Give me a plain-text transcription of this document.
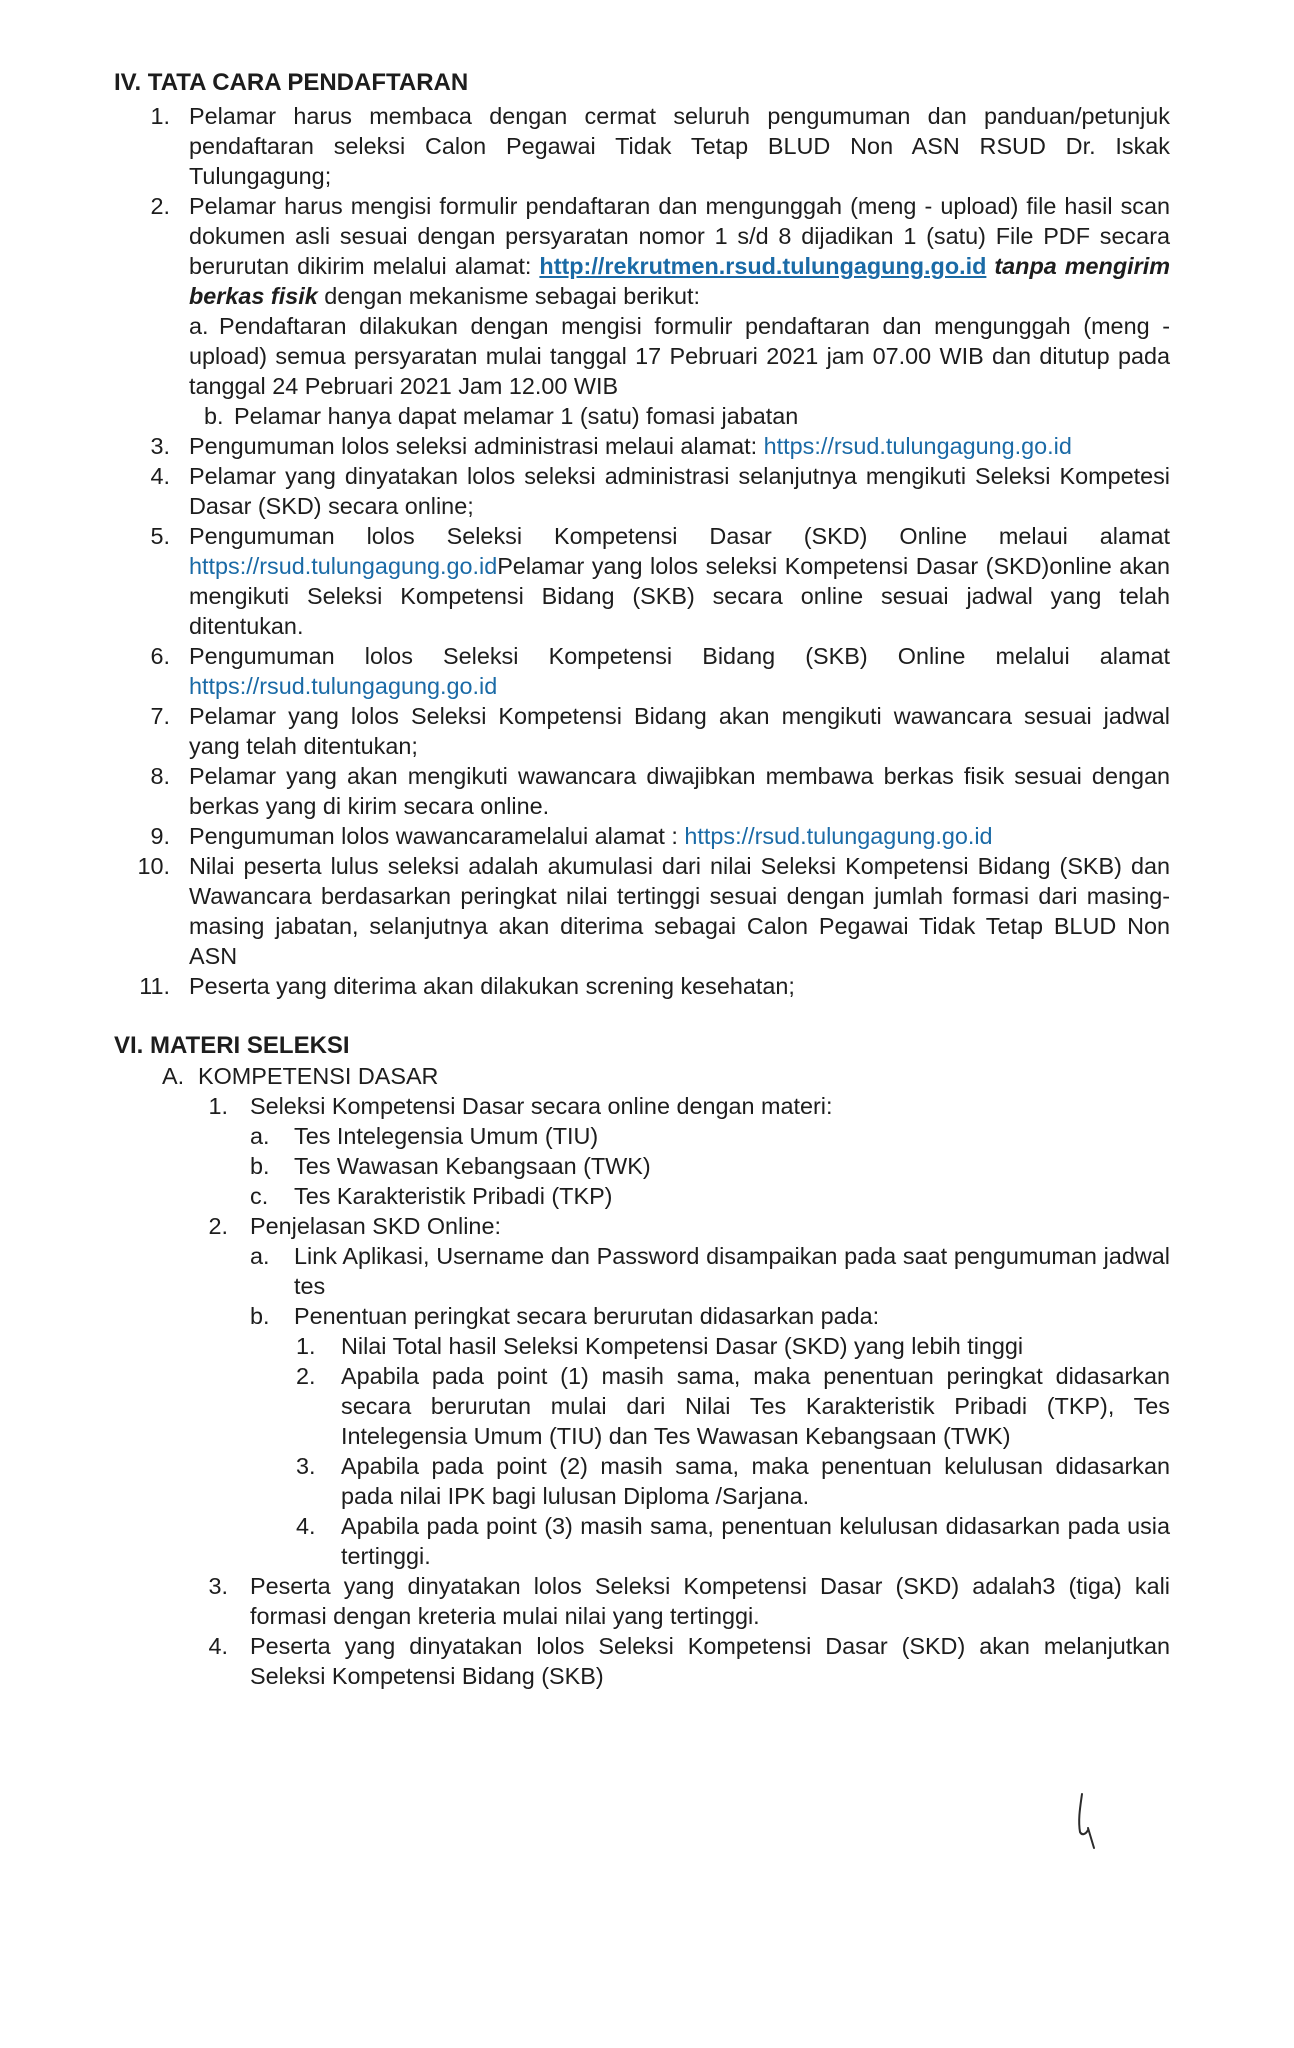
IV. TATA CARA PENDAFTARAN
1. Pelamar harus membaca dengan cermat seluruh pengumuman dan panduan/petunjuk pendaftaran seleksi Calon Pegawai Tidak Tetap BLUD Non ASN RSUD Dr. Iskak Tulungagung;
2. Pelamar harus mengisi formulir pendaftaran dan mengunggah (meng - upload) file hasil scan dokumen asli sesuai dengan persyaratan nomor 1 s/d 8 dijadikan 1 (satu) File PDF secara berurutan dikirim melalui alamat: http://rekrutmen.rsud.tulungagung.go.id tanpa mengirim berkas fisik dengan mekanisme sebagai berikut:
a. Pendaftaran dilakukan dengan mengisi formulir pendaftaran dan mengunggah (meng - upload) semua persyaratan mulai tanggal 17 Pebruari 2021 jam 07.00 WIB dan ditutup pada tanggal 24 Pebruari 2021 Jam 12.00 WIB
b. Pelamar hanya dapat melamar 1 (satu) fomasi jabatan
3. Pengumuman lolos seleksi administrasi melaui alamat: https://rsud.tulungagung.go.id
4. Pelamar yang dinyatakan lolos seleksi administrasi selanjutnya mengikuti Seleksi Kompetesi Dasar (SKD) secara online;
5. Pengumuman lolos Seleksi Kompetensi Dasar (SKD) Online melaui alamat https://rsud.tulungagung.go.idPelamar yang lolos seleksi Kompetensi Dasar (SKD)online akan mengikuti Seleksi Kompetensi Bidang (SKB) secara online sesuai jadwal yang telah ditentukan.
6. Pengumuman lolos Seleksi Kompetensi Bidang (SKB) Online melalui alamat https://rsud.tulungagung.go.id
7. Pelamar yang lolos Seleksi Kompetensi Bidang akan mengikuti wawancara sesuai jadwal yang telah ditentukan;
8. Pelamar yang akan mengikuti wawancara diwajibkan membawa berkas fisik sesuai dengan berkas yang di kirim secara online.
9. Pengumuman lolos wawancaramelalui alamat : https://rsud.tulungagung.go.id
10. Nilai peserta lulus seleksi adalah akumulasi dari nilai Seleksi Kompetensi Bidang (SKB) dan Wawancara berdasarkan peringkat nilai tertinggi sesuai dengan jumlah formasi dari masing-masing jabatan, selanjutnya akan diterima sebagai Calon Pegawai Tidak Tetap BLUD Non ASN
11. Peserta yang diterima akan dilakukan screning kesehatan;
VI. MATERI SELEKSI
A. KOMPETENSI DASAR
1. Seleksi Kompetensi Dasar secara online dengan materi:
a. Tes Intelegensia Umum (TIU)
b. Tes Wawasan Kebangsaan (TWK)
c. Tes Karakteristik Pribadi (TKP)
2. Penjelasan SKD Online:
a. Link Aplikasi, Username dan Password disampaikan pada saat pengumuman jadwal tes
b. Penentuan peringkat secara berurutan didasarkan pada:
1. Nilai Total hasil Seleksi Kompetensi Dasar (SKD) yang lebih tinggi
2. Apabila pada point (1) masih sama, maka penentuan peringkat didasarkan secara berurutan mulai dari Nilai Tes Karakteristik Pribadi (TKP), Tes Intelegensia Umum (TIU) dan Tes Wawasan Kebangsaan (TWK)
3. Apabila pada point (2) masih sama, maka penentuan kelulusan didasarkan pada nilai IPK bagi lulusan Diploma /Sarjana.
4. Apabila pada point (3) masih sama, penentuan kelulusan didasarkan pada usia tertinggi.
3. Peserta yang dinyatakan lolos Seleksi Kompetensi Dasar (SKD) adalah3 (tiga) kali formasi dengan kreteria mulai nilai yang tertinggi.
4. Peserta yang dinyatakan lolos Seleksi Kompetensi Dasar (SKD) akan melanjutkan Seleksi Kompetensi Bidang (SKB)
